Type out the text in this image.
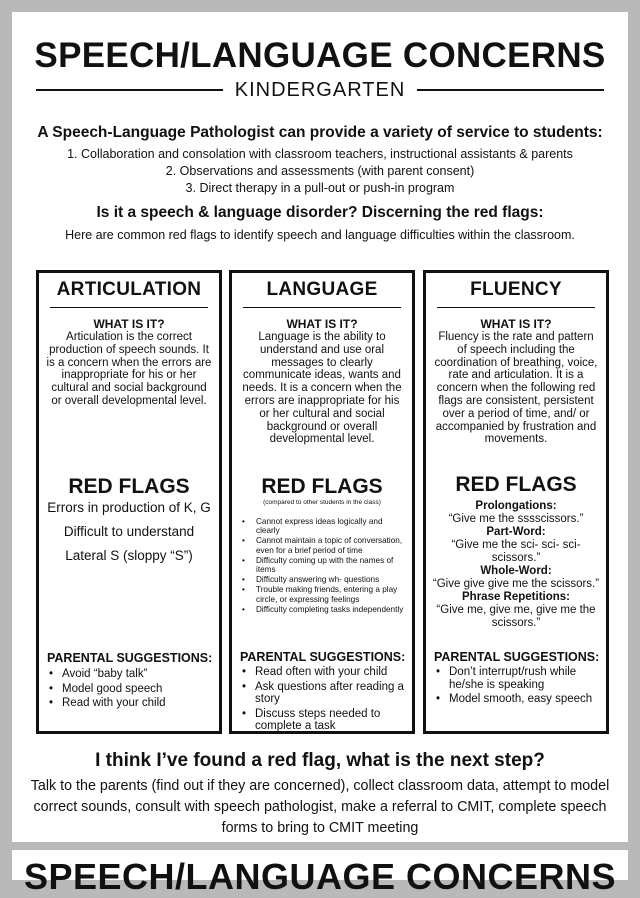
SPEECH/LANGUAGE CONCERNS
KINDERGARTEN
A Speech-Language Pathologist can provide a variety of service to students:
1. Collaboration and consolation with classroom teachers, instructional assistants & parents
2. Observations and assessments (with parent consent)
3. Direct therapy in a pull-out or push-in program
Is it a speech & language disorder? Discerning the red flags:
Here are common red flags to identify speech and language difficulties within the classroom.
ARTICULATION
WHAT IS IT?
Articulation is the correct production of speech sounds. It is a concern when the errors are inappropriate for his or her cultural and social background or overall developmental level.
RED FLAGS

Errors in production of K, G

Difficult to understand

Lateral S (sloppy “S”)

PARENTAL SUGGESTIONS:
• Avoid “baby talk”
• Model good speech
• Read with your child
LANGUAGE
WHAT IS IT?
Language is the ability to understand and use oral messages to clearly communicate ideas, wants and needs. It is a concern when the errors are inappropriate for his or her cultural and social background or overall developmental level.
RED FLAGS
(compared to other students in the class)
• Cannot express ideas logically and clearly
• Cannot maintain a topic of conversation, even for a brief period of time
• Difficulty coming up with the names of items
• Difficulty answering wh- questions
• Trouble making friends, entering a play circle, or expressing feelings
• Difficulty completing tasks independently
PARENTAL SUGGESTIONS:
• Read often with your child
• Ask questions after reading a story
• Discuss steps needed to complete a task
FLUENCY
WHAT IS IT?
Fluency is the rate and pattern of speech including the coordination of breathing, voice, rate and articulation. It is a concern when the following red flags are consistent, persistent over a period of time, and/ or accompanied by frustration and movements.
RED FLAGS
Prolongations:
“Give me the sssscissors.”
Part-Word:
“Give me the sci- sci- sci- scissors.”
Whole-Word:
“Give give give me the scissors.”
Phrase Repetitions:
“Give me, give me, give me the scissors.”
PARENTAL SUGGESTIONS:
• Don’t interrupt/rush while he/she is speaking
• Model smooth, easy speech
I think I’ve found a red flag, what is the next step?
Talk to the parents (find out if they are concerned), collect classroom data, attempt to model correct sounds, consult with speech pathologist, make a referral to CMIT, complete speech forms to bring to CMIT meeting
SPEECH/LANGUAGE CONCERNS
